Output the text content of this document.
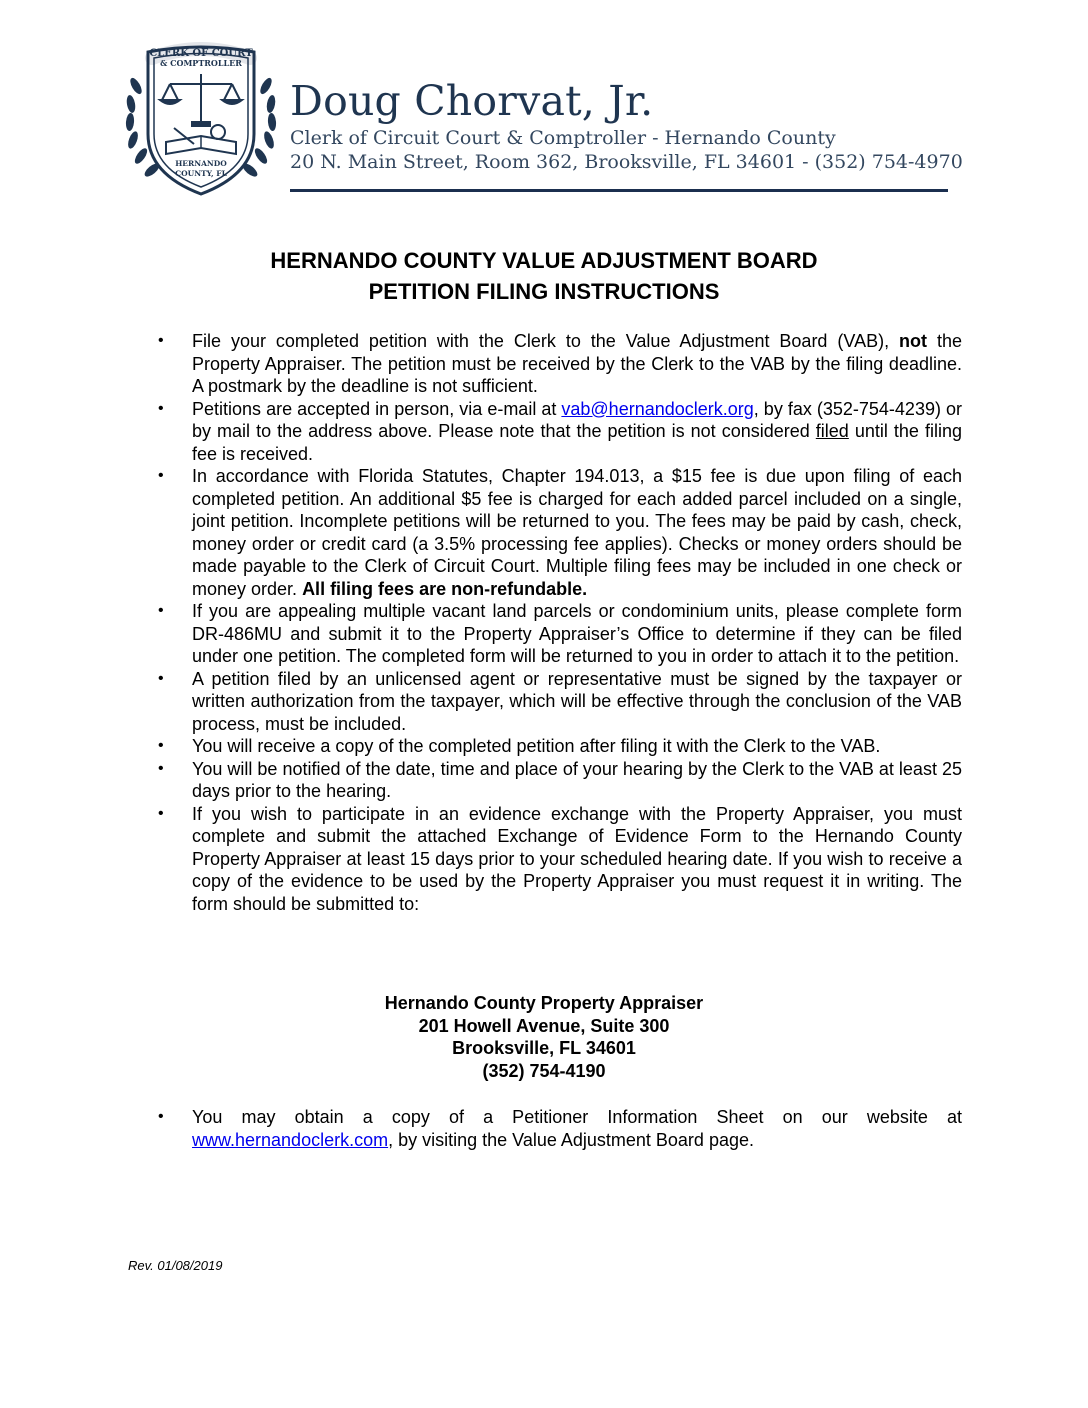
CLERK OF COURT
& COMPTROLLER
HERNANDO
COUNTY, FL
Doug Chorvat, Jr.
Clerk of Circuit Court & Comptroller - Hernando County
20 N. Main Street, Room 362, Brooksville, FL 34601 - (352) 754-4970
HERNANDO COUNTY VALUE ADJUSTMENT BOARD
PETITION FILING INSTRUCTIONS
• File your completed petition with the Clerk to the Value Adjustment Board (VAB), not the Property Appraiser. The petition must be received by the Clerk to the VAB by the filing deadline. A postmark by the deadline is not sufficient.
• Petitions are accepted in person, via e-mail at vab@hernandoclerk.org, by fax (352-754-4239) or by mail to the address above. Please note that the petition is not considered filed until the filing fee is received.
• In accordance with Florida Statutes, Chapter 194.013, a $15 fee is due upon filing of each completed petition. An additional $5 fee is charged for each added parcel included on a single, joint petition. Incomplete petitions will be returned to you. The fees may be paid by cash, check, money order or credit card (a 3.5% processing fee applies). Checks or money orders should be made payable to the Clerk of Circuit Court. Multiple filing fees may be included in one check or money order. All filing fees are non-refundable.
• If you are appealing multiple vacant land parcels or condominium units, please complete form DR-486MU and submit it to the Property Appraiser’s Office to determine if they can be filed under one petition. The completed form will be returned to you in order to attach it to the petition.
• A petition filed by an unlicensed agent or representative must be signed by the taxpayer or written authorization from the taxpayer, which will be effective through the conclusion of the VAB process, must be included.
• You will receive a copy of the completed petition after filing it with the Clerk to the VAB.
• You will be notified of the date, time and place of your hearing by the Clerk to the VAB at least 25 days prior to the hearing.
• If you wish to participate in an evidence exchange with the Property Appraiser, you must complete and submit the attached Exchange of Evidence Form to the Hernando County Property Appraiser at least 15 days prior to your scheduled hearing date. If you wish to receive a copy of the evidence to be used by the Property Appraiser you must request it in writing. The form should be submitted to:
Hernando County Property Appraiser
201 Howell Avenue, Suite 300
Brooksville, FL 34601
(352) 754-4190
• You may obtain a copy of a Petitioner Information Sheet on our website at www.hernandoclerk.com, by visiting the Value Adjustment Board page.
Rev. 01/08/2019
